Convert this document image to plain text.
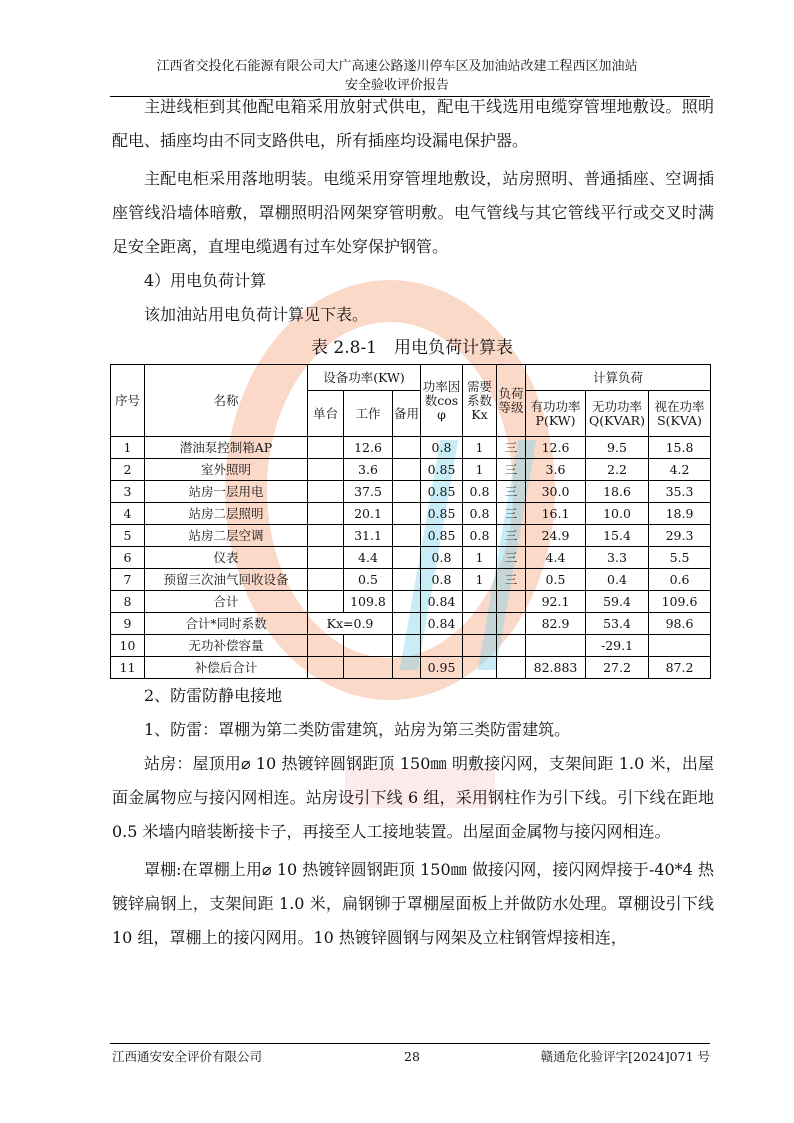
江西省交投化石能源有限公司大广高速公路遂川停车区及加油站改建工程西区加油站
安全验收评价报告

主进线柜到其他配电箱采用放射式供电，配电干线选用电缆穿管埋地敷设。照明配电、插座均由不同支路供电，所有插座均设漏电保护器。

主配电柜采用落地明装。电缆采用穿管埋地敷设，站房照明、普通插座、空调插座管线沿墙体暗敷，罩棚照明沿网架穿管明敷。电气管线与其它管线平行或交叉时满足安全距离，直埋电缆遇有过车处穿保护钢管。

4）用电负荷计算

该加油站用电负荷计算见下表。

表 2.8-1　用电负荷计算表
序号	名称	设备功率(KW)			功率因数cos φ	需要系数Kx	负荷等级	计算负荷		
		单台	工作	备用				有功功率P(KW)	无功功率Q(KVAR)	视在功率S(KVA)
1	潜油泵控制箱AP		12.6		0.8	1	三	12.6	9.5	15.8
2	室外照明		3.6		0.85	1	三	3.6	2.2	4.2
3	站房一层用电		37.5		0.85	0.8	三	30.0	18.6	35.3
4	站房二层照明		20.1		0.85	0.8	三	16.1	10.0	18.9
5	站房二层空调		31.1		0.85	0.8	三	24.9	15.4	29.3
6	仪表		4.4		0.8	1	三	4.4	3.3	5.5
7	预留三次油气回收设备		0.5		0.8	1	三	0.5	0.4	0.6
8	合计		109.8		0.84			92.1	59.4	109.6
9	合计*同时系数	Kx=0.9			0.84			82.9	53.4	98.6
10	无功补偿容量								-29.1	
11	补偿后合计				0.95			82.883	27.2	87.2

2、防雷防静电接地

1、防雷：罩棚为第二类防雷建筑，站房为第三类防雷建筑。

站房：屋顶用⌀ 10 热镀锌圆钢距顶 150㎜ 明敷接闪网，支架间距 1.0 米，出屋面金属物应与接闪网相连。站房设引下线 6 组，采用钢柱作为引下线。引下线在距地 0.5 米墙内暗装断接卡子，再接至人工接地装置。出屋面金属物与接闪网相连。

罩棚:在罩棚上用⌀ 10 热镀锌圆钢距顶 150㎜ 做接闪网，接闪网焊接于-40*4 热镀锌扁钢上，支架间距 1.0 米，扁钢铆于罩棚屋面板上并做防水处理。罩棚设引下线 10 组，罩棚上的接闪网用。10 热镀锌圆钢与网架及立柱钢管焊接相连，

江西通安安全评价有限公司	28	赣通危化验评字[2024]071 号
